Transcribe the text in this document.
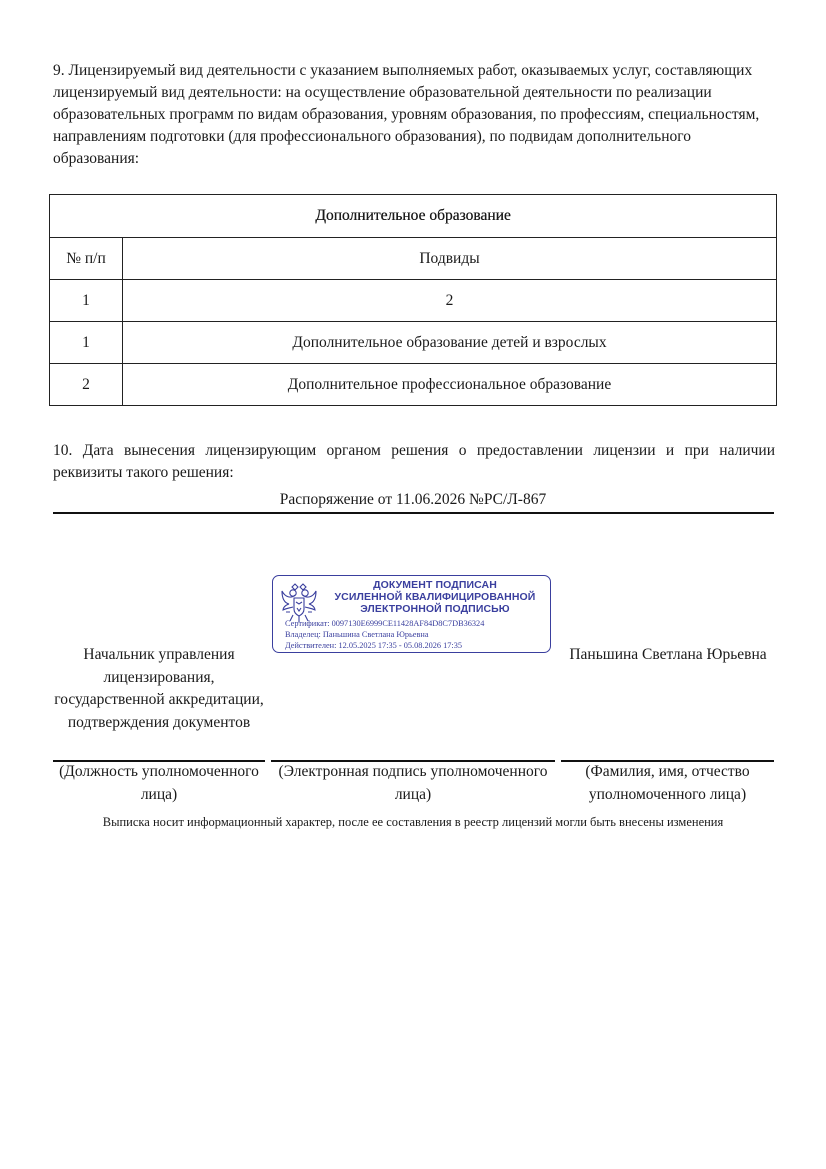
9. Лицензируемый вид деятельности с указанием выполняемых работ, оказываемых услуг, составляющих лицензируемый вид деятельности: на осуществление образовательной деятельности по реализации образовательных программ по видам образования, уровням образования, по профессиям, специальностям, направлениям подготовки (для профессионального образования), по подвидам дополнительного образования:
Дополнительное образование	
№ п/п	Подвиды
1	2
1	Дополнительное образование детей и взрослых
2	Дополнительное профессиональное образование
10. Дата вынесения лицензирующим органом решения о предоставлении лицензии и при наличии реквизиты такого решения:
Распоряжение от 11.06.2026 №РС/Л-867
ДОКУМЕНТ ПОДПИСАН
УСИЛЕННОЙ КВАЛИФИЦИРОВАННОЙ
ЭЛЕКТРОННОЙ ПОДПИСЬЮ
Сертификат: 0097130E6999CE11428AF84D8C7DB36324
Владелец: Паньшина Светлана Юрьевна
Действителен: 12.05.2025 17:35 - 05.08.2026 17:35
Начальник управления лицензирования, государственной аккредитации, подтверждения документов
Паньшина Светлана Юрьевна
(Должность уполномоченного лица)
(Электронная подпись уполномоченного лица)
(Фамилия, имя, отчество уполномоченного лица)
Выписка носит информационный характер, после ее составления в реестр лицензий могли быть внесены изменения
